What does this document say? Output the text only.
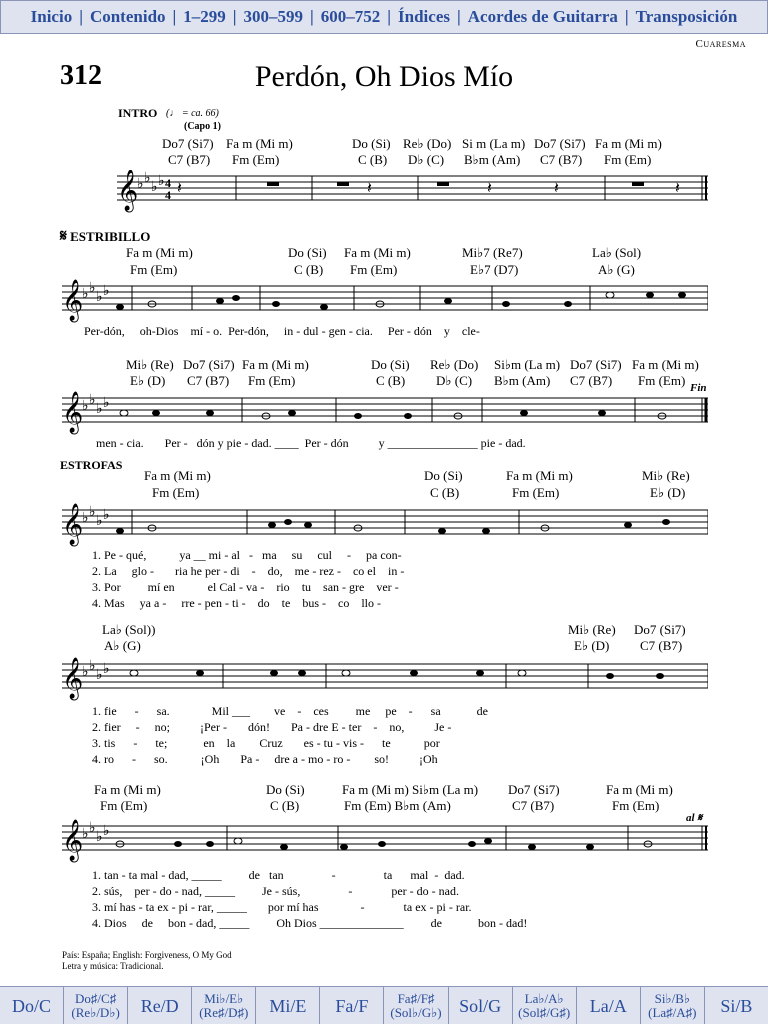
Inicio | Contenido | 1–299 | 300–599 | 600–752 | Índices | Acordes de Guitarra | Transposición
Cuaresma
312	Perdón, Oh Dios Mío
INTRO (♩ = ca. 66)
(Capo 1)
Do7 (Si7) Fa m (Mi m)	Do (Si) Re♭ (Do) Si m (La m) Do7 (Si7) Fa m (Mi m)
C7 (B7) Fm (Em)	C (B) D♭ (C) B♭m (Am) C7 (B7) Fm (Em)
𝄞
♭ ♭
♭ ♭ 4
4 𝄽	𝄽	𝄽	𝄽	𝄽
𝄋 ESTRIBILLO
Fa m (Mi m)	Do (Si) Fa m (Mi m)	Mi♭7 (Re7)	La♭ (Sol)
Fm (Em)	C (B) Fm (Em)	E♭7 (D7)	A♭ (G)
𝄞
♭ ♭
♭ ♭
Per-dón, oh-Dios mí - o. Per-dón, in - dul - gen - cia. Per - dón y cle-
Mi♭ (Re) Do7 (Si7) Fa m (Mi m)	Do (Si) Re♭ (Do) Si♭m (La m) Do7 (Si7) Fa m (Mi m)
E♭ (D) C7 (B7) Fm (Em)	C (B) D♭ (C) B♭m (Am) C7 (B7) Fm (Em) Fin
𝄞
♭ ♭
♭ ♭
men - cia. Per - dón y pie - dad. ____  Per - dón	y _______________ pie - dad.
ESTROFAS
Fa m (Mi m)	Do (Si)	Fa m (Mi m)	Mi♭ (Re)
Fm (Em)	C (B)	Fm (Em)	E♭ (D)
𝄞
♭ ♭
♭ ♭
1. Pe - qué,	ya __ mi - al - ma su cul - pa con-
2. La glo - ria he per - di - do, me - rez - co el in -
3. Por mí en	el Cal - va - rio tu san - gre ver -
4. Mas ya a - rre - pen - ti - do te bus - co llo -
La♭ (Sol))	Mi♭ (Re) Do7 (Si7)
A♭ (G)	E♭ (D) C7 (B7)
𝄞
♭ ♭
♭ ♭
1. fie - sa.	Mil ___        ve - ces me pe - sa	de
2. fier - no;	¡Per - dón! Pa - dre E - ter - no,	Je -
3. tis - te;	en la Cruz es - tu - vis - te	por
4. ro - so.	¡Oh Pa - dre a - mo - ro - so!	¡Oh
Fa m (Mi m)	Do (Si)	Fa m (Mi m) Si♭m (La m) Do7 (Si7)	Fa m (Mi m)
Fm (Em)	C (B)	Fm (Em) B♭m (Am)	C7 (B7)	Fm (Em)
al 𝄋
𝄞
♭ ♭
♭ ♭
1. tan - ta mal - dad, _____         de tan	-	ta mal - dad.
2. sús, per - do - nad, _____         Je - sús,	-	per - do - nad.
3. mí has - ta ex - pi - rar, _____       por mí has	-	ta ex - pi - rar.
4. Dios de bon - dad, _____         Oh Dios ______________         de	bon - dad!
País: España; English: Forgiveness, O My God
Letra y música: Tradicional.
Do/C Do♯/C♯
(Re♭/D♭) Re/D Mi♭/E♭
(Re♯/D♯) Mi/E Fa/F Fa♯/F♯
(Sol♭/G♭) Sol/G La♭/A♭
(Sol♯/G♯) La/A Si♭/B♭
(La♯/A♯) Si/B
